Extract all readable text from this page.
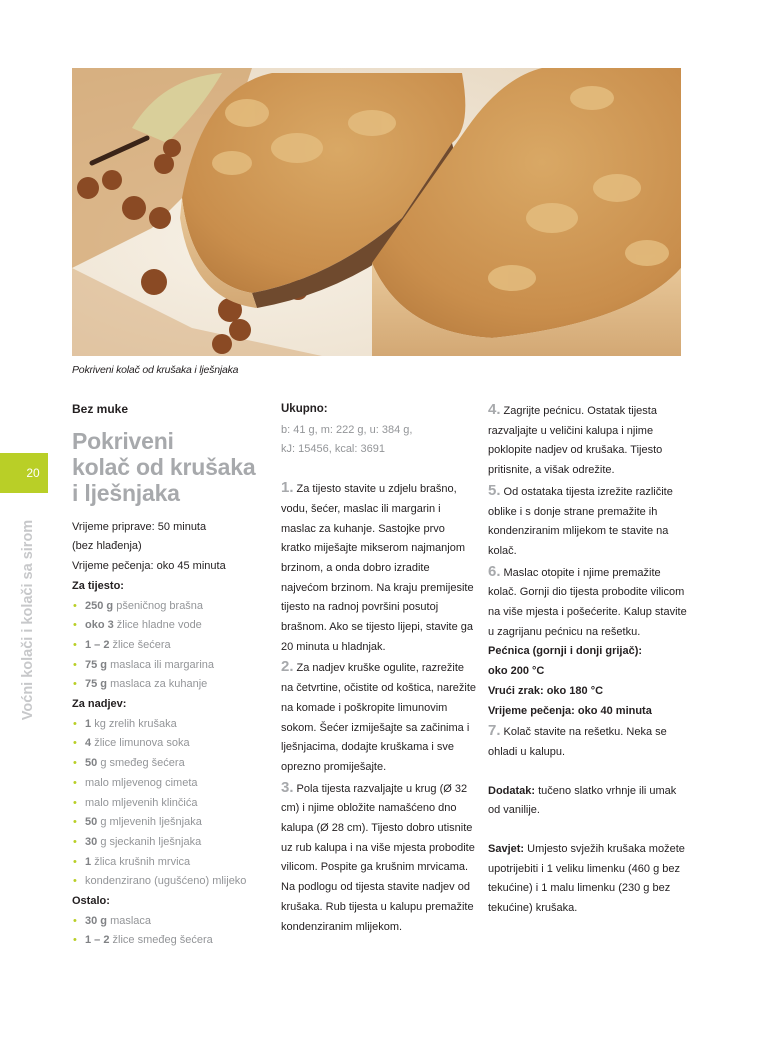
Pokriveni kolač od krušaka i lješnjaka
20
Voćni kolači i kolači sa sirom
Bez muke
Pokriveni
kolač od krušaka
i lješnjaka
Vrijeme priprave: 50 minuta
(bez hlađenja)
Vrijeme pečenja: oko 45 minuta
Za tijesto:
• 250 g pšeničnog brašna
• oko 3 žlice hladne vode
• 1 – 2 žlice šećera
• 75 g maslaca ili margarina
• 75 g maslaca za kuhanje
Za nadjev:
• 1 kg zrelih krušaka
• 4 žlice limunova soka
• 50 g smeđeg šećera
• malo mljevenog cimeta
• malo mljevenih klinčića
• 50 g mljevenih lješnjaka
• 30 g sjeckanih lješnjaka
• 1 žlica krušnih mrvica
• kondenzirano (ugušćeno) mlijeko
Ostalo:
• 30 g maslaca
• 1 – 2 žlice smeđeg šećera
Ukupno:
b: 41 g, m: 222 g, u: 384 g,
kJ: 15456, kcal: 3691
1. Za tijesto stavite u zdjelu brašno, vodu, šećer, maslac ili margarin i maslac za kuhanje. Sastojke prvo kratko miješajte mikserom najmanjom brzinom, a onda dobro izradite najvećom brzinom. Na kraju premijesite tijesto na radnoj površini posutoj brašnom. Ako se tijesto lijepi, stavite ga 20 minuta u hladnjak.
2. Za nadjev kruške ogulite, razrežite na četvrtine, očistite od koštica, narežite na komade i poškropite limunovim sokom. Šećer izmiješajte sa začinima i lješnjacima, dodajte kruškama i sve oprezno promiješajte.
3. Pola tijesta razvaljajte u krug (Ø 32 cm) i njime obložite namašćeno dno kalupa (Ø 28 cm). Tijesto dobro utisnite uz rub kalupa i na više mjesta probodite vilicom. Pospite ga krušnim mrvicama. Na podlogu od tijesta stavite nadjev od krušaka. Rub tijesta u kalupu premažite kondenziranim mlijekom.
4. Zagrijte pećnicu. Ostatak tijesta razvaljajte u veličini kalupa i njime poklopite nadjev od krušaka. Tijesto pritisnite, a višak odrežite.
5. Od ostataka tijesta izrežite različite oblike i s donje strane premažite ih kondenziranim mlijekom te stavite na kolač.
6. Maslac otopite i njime premažite kolač. Gornji dio tijesta probodite vilicom na više mjesta i pošećerite. Kalup stavite u zagrijanu pećnicu na rešetku.
Pećnica (gornji i donji grijač):
oko 200 °C
Vrući zrak: oko 180 °C
Vrijeme pečenja: oko 40 minuta
7. Kolač stavite na rešetku. Neka se ohladi u kalupu.
Dodatak: tučeno slatko vrhnje ili umak od vanilije.
Savjet: Umjesto svježih krušaka možete upotrijebiti i 1 veliku limenku (460 g bez tekućine) i 1 malu limenku (230 g bez tekućine) krušaka.
